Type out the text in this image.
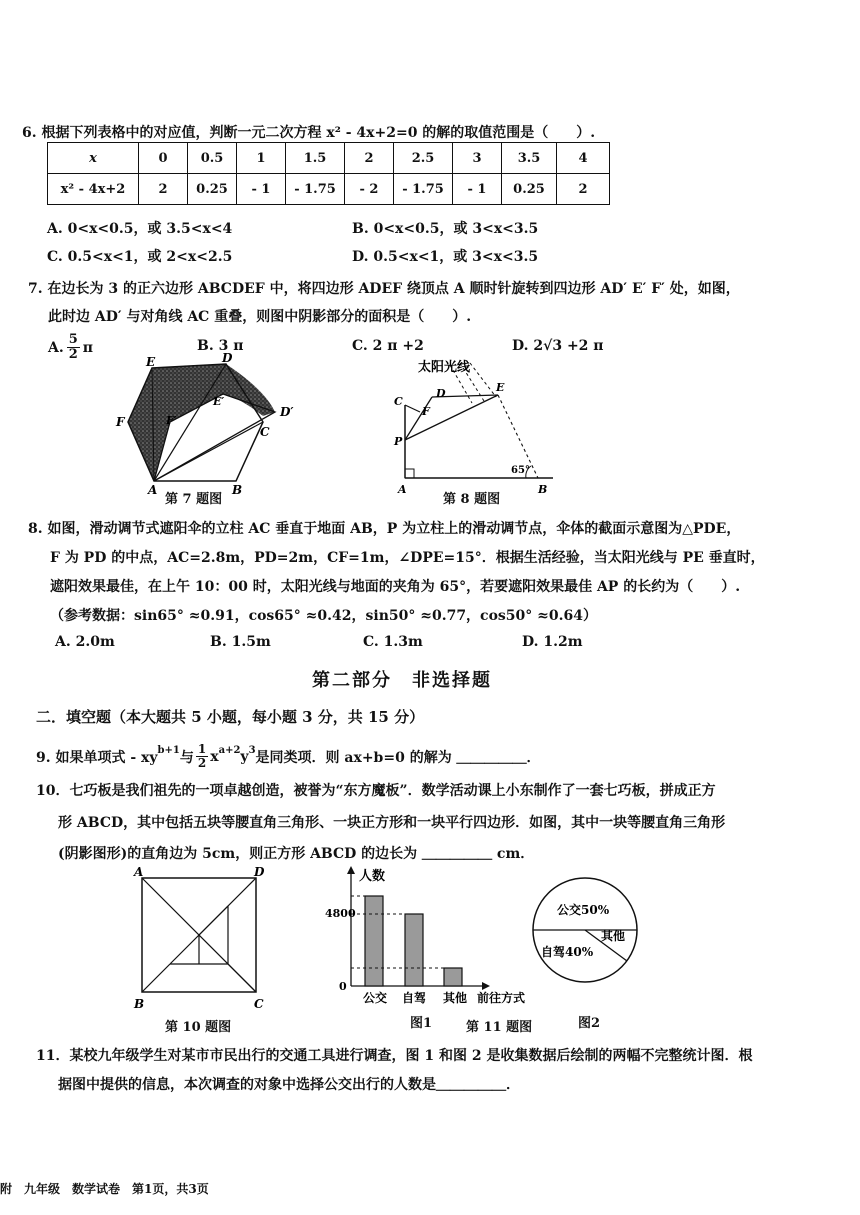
6. 根据下列表格中的对应值，判断一元二次方程 x² - 4x+2=0 的解的取值范围是（　　）.
x	0	0.5	1	1.5	2	2.5	3	3.5	4
x² - 4x+2	2	0.25	- 1	- 1.75	- 2	- 1.75	- 1	0.25	2
A. 0<x<0.5，或 3.5<x<4	B. 0<x<0.5，或 3<x<3.5
C. 0.5<x<1，或 2<x<2.5	D. 0.5<x<1，或 3<x<3.5
7. 在边长为 3 的正六边形 ABCDEF 中，将四边形 ADEF 绕顶点 A 顺时针旋转到四边形 AD′ E′ F′ 处，如图，
此时边 AD′ 与对角线 AC 重叠，则图中阴影部分的面积是（　　）.
A. $\frac{5}{2}$ π	B. 3 π	C. 2 π +2	D. 2√3 +2 π
A	B
C
D
E
F
D′
E′
F′
第 7 题图
太阳光线
65°
A	B
C
D	E
F
P
第 8 题图
8. 如图，滑动调节式遮阳伞的立柱 AC 垂直于地面 AB，P 为立柱上的滑动调节点，伞体的截面示意图为△PDE，
F 为 PD 的中点，AC=2.8m，PD=2m，CF=1m，∠DPE=15°．根据生活经验，当太阳光线与 PE 垂直时，
遮阳效果最佳，在上午 10：00 时，太阳光线与地面的夹角为 65°，若要遮阳效果最佳 AP 的长约为（　　）.
（参考数据：sin65° ≈0.91，cos65° ≈0.42，sin50° ≈0.77，cos50° ≈0.64）
A. 2.0m	B. 1.5m	C. 1.3m	D. 1.2m
第二部分　非选择题
二．填空题（本大题共 5 小题，每小题 3 分，共 15 分）
9. 如果单项式 - $xy^{b+1}$ 与 $\frac{1}{2} x^{a+2}$ $y^3$ 是同类项．则 ax+b=0 的解为 ＿＿＿＿＿．
10．七巧板是我们祖先的一项卓越创造，被誉为“东方魔板”．数学活动课上小东制作了一套七巧板，拼成正方
形 ABCD，其中包括五块等腰直角三角形、一块正方形和一块平行四边形．如图，其中一块等腰直角三角形
(阴影图形)的直角边为 5cm，则正方形 ABCD 的边长为 ＿＿＿＿＿ cm．
A	D
B	C
第 10 题图
人数
前往方式
4800
0
公交 自驾 其他
图1	第 11 题图
公交50%
自驾40%
其他
图2
11．某校九年级学生对某市市民出行的交通工具进行调查，图 1 和图 2 是收集数据后绘制的两幅不完整统计图．根
据图中提供的信息，本次调查的对象中选择公交出行的人数是＿＿＿＿＿．
附　九年级　数学试卷　第1页，共3页
